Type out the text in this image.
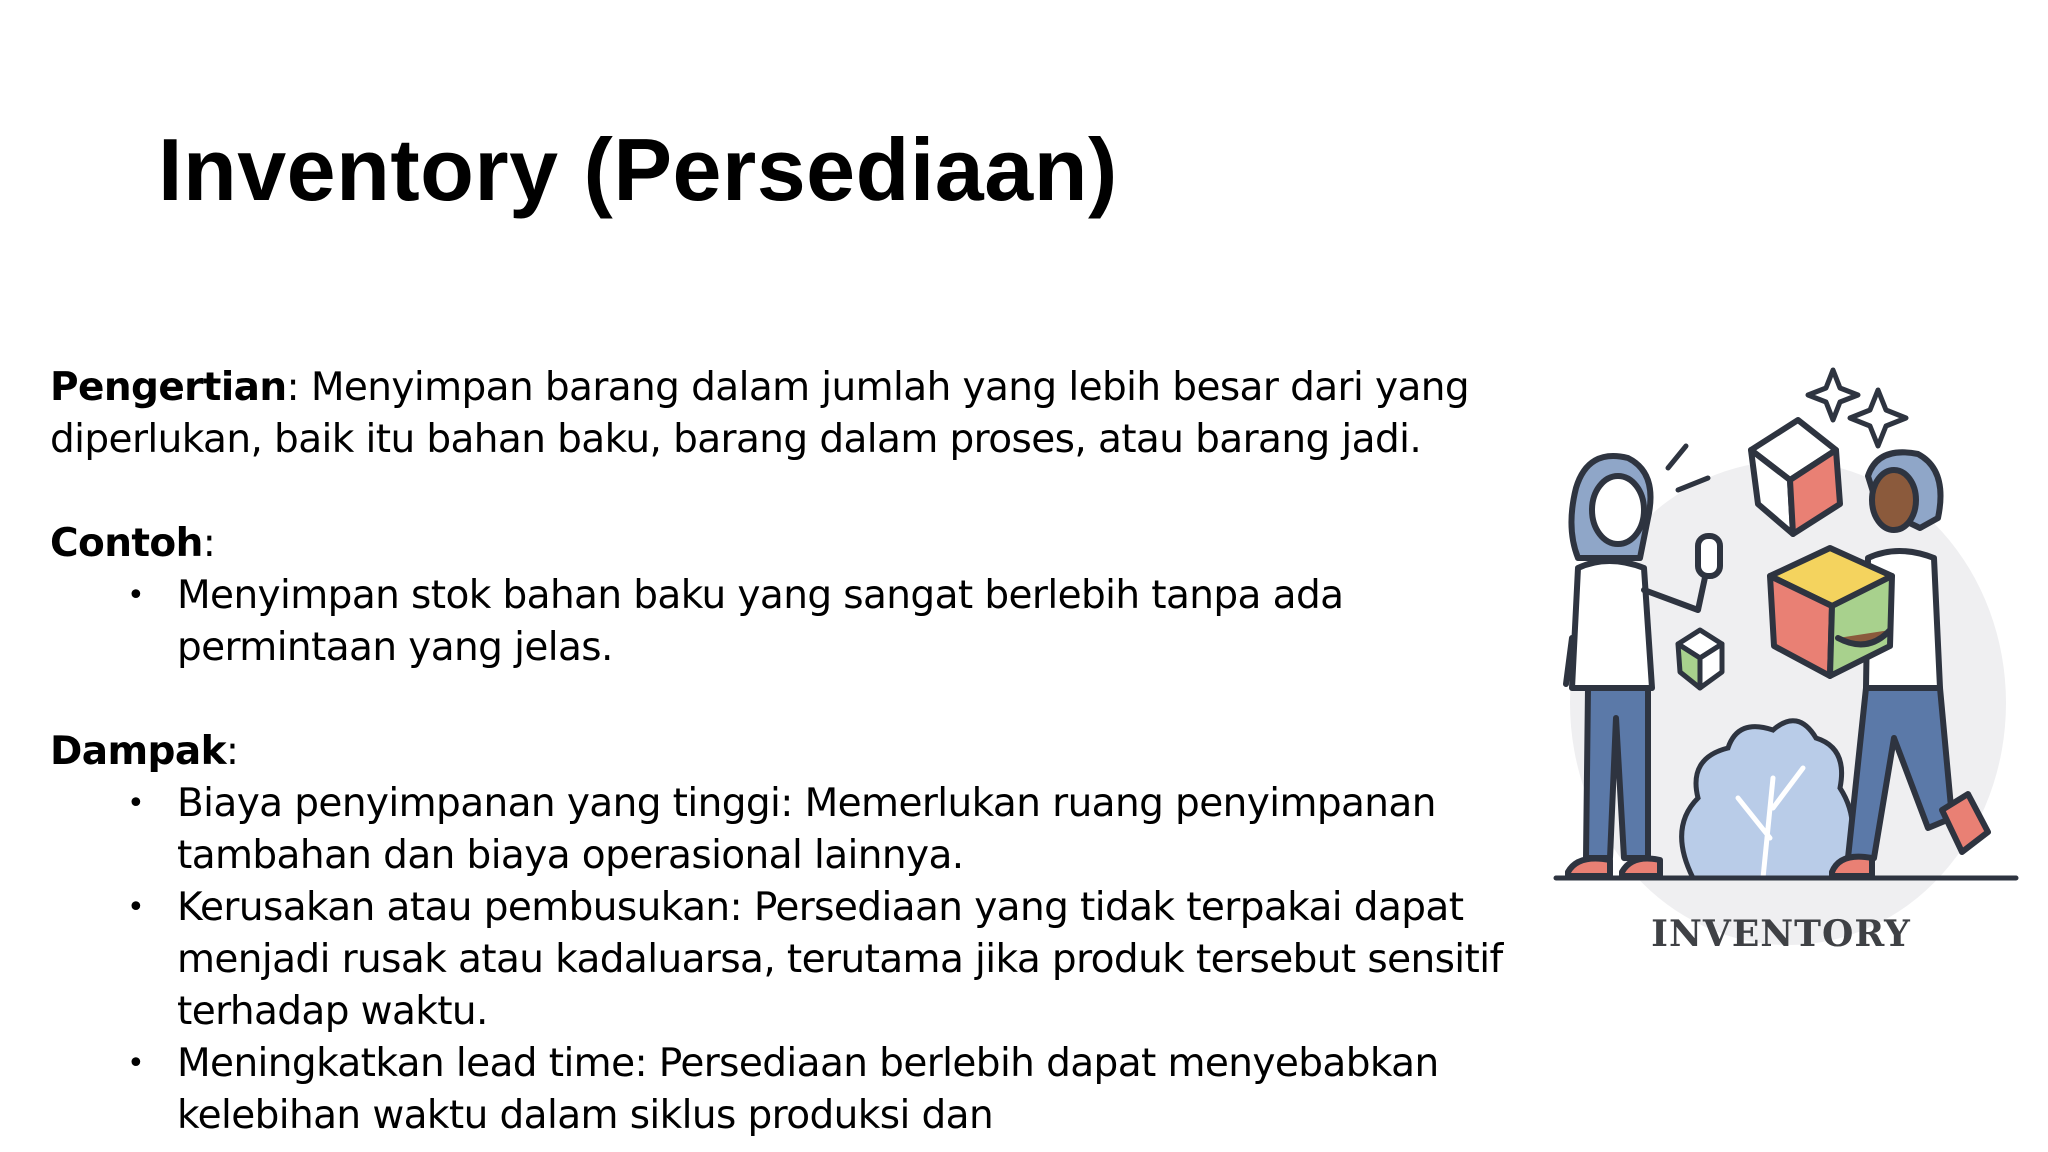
Inventory (Persediaan)

Pengertian: Menyimpan barang dalam jumlah yang lebih besar dari yang diperlukan, baik itu bahan baku, barang dalam proses, atau barang jadi.

Contoh:

• Menyimpan stok bahan baku yang sangat berlebih tanpa ada permintaan yang jelas.

Dampak:

• Biaya penyimpanan yang tinggi: Memerlukan ruang penyimpanan tambahan dan biaya operasional lainnya.
• Kerusakan atau pembusukan: Persediaan yang tidak terpakai dapat menjadi rusak atau kadaluarsa, terutama jika produk tersebut sensitif terhadap waktu.
• Meningkatkan lead time: Persediaan berlebih dapat menyebabkan kelebihan waktu dalam siklus produksi dan
INVENTORY
